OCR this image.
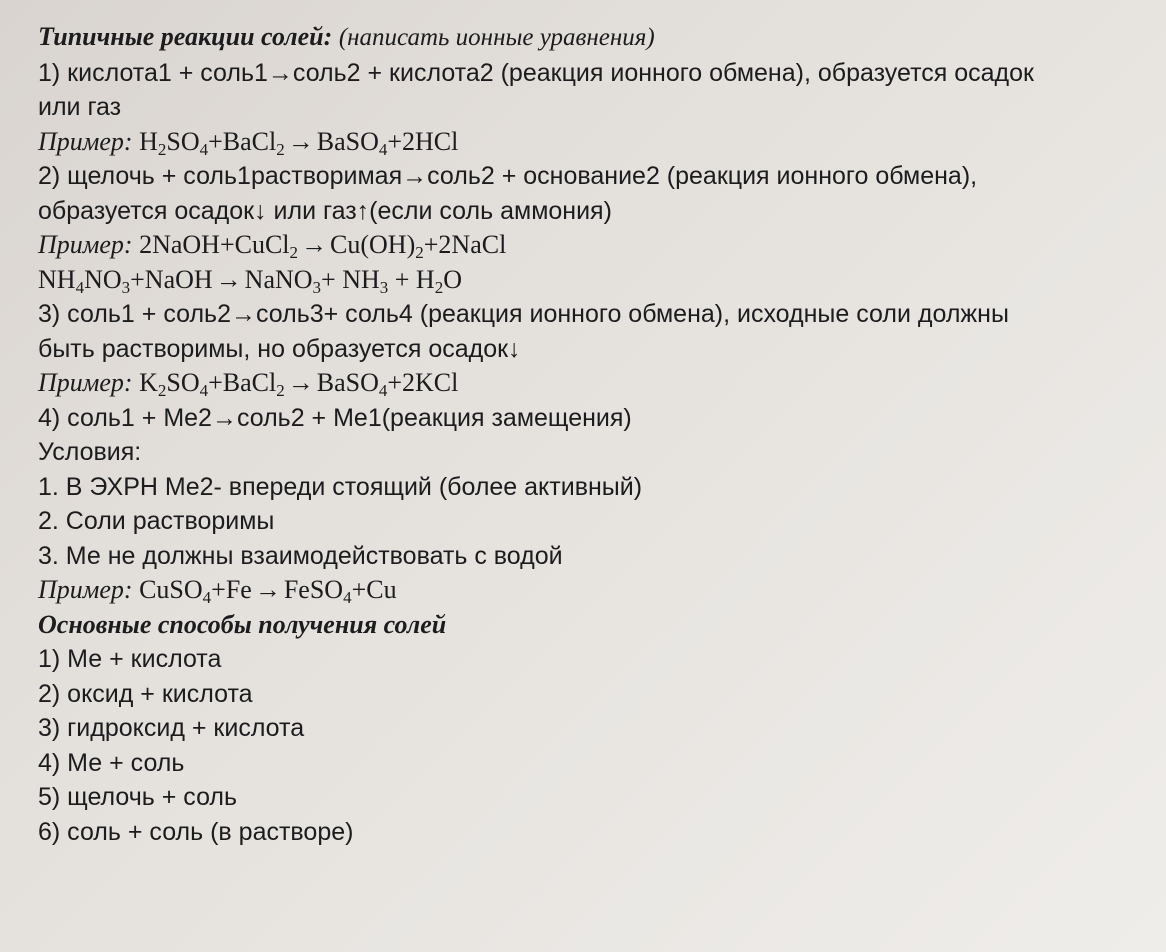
Типичные реакции солей: (написать ионные уравнения)
1) кислота1 + соль1→соль2 + кислота2 (реакция ионного обмена), образуется осадок
или газ
Пример: $H_2SO_4+BaCl_2$ → BaSO$_4$+2HCl
2) щелочь + соль1растворимая→соль2 + основание2 (реакция ионного обмена),
образуется осадок↓ или газ↑(если соль аммония)
Пример: 2NaOH+CuCl$_2$ → $Cu(OH)_2+2NaCl$
$NH_4NO_3+NaOH$ → NaNO$_3$+ $NH_3 + H_2O$
3) соль1 + соль2→соль3+ соль4 (реакция ионного обмена), исходные соли должны
быть растворимы, но образуется осадок↓
Пример: $K_2SO_4+BaCl_2$ → BaSO$_4$+2KCl
4) соль1 + Me2→соль2 + Me1(реакция замещения)
Условия:
1. В ЭХРН Me2- впереди стоящий (более активный)
2. Соли растворимы
3. Ме не должны взаимодействовать с водой
Пример: CuSO$_4$+Fe → FeSO$_4$+Cu
Основные способы получения солей
1) Ме + кислота
2) оксид + кислота
3) гидроксид + кислота
4) Ме + соль
5) щелочь + соль
6) соль + соль (в растворе)
